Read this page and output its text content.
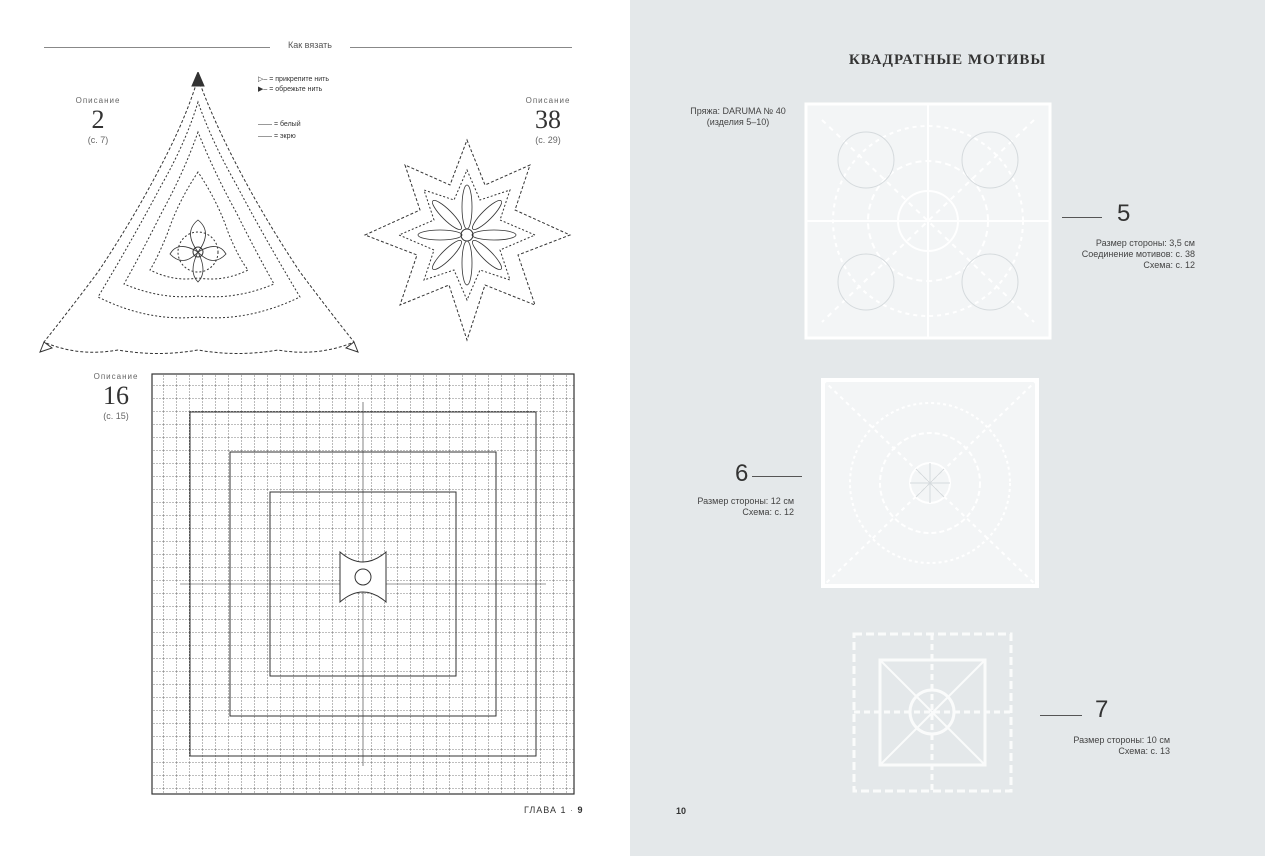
Как вязать
▷– = прикрепите нить
▶– = обрежьте нить
—— = белый
—— = экрю
Описание
2
(с. 7)
Описание
38
(с. 29)
Описание
16
(с. 15)
ГЛАВА 1 · 9
КВАДРАТНЫЕ МОТИВЫ
Пряжа: DARUMA № 40
(изделия 5–10)
5
Размер стороны: 3,5 см
Соединение мотивов: с. 38
Схема: с. 12
6
Размер стороны: 12 см
Схема: с. 12
7
Размер стороны: 10 см
Схема: с. 13
10
